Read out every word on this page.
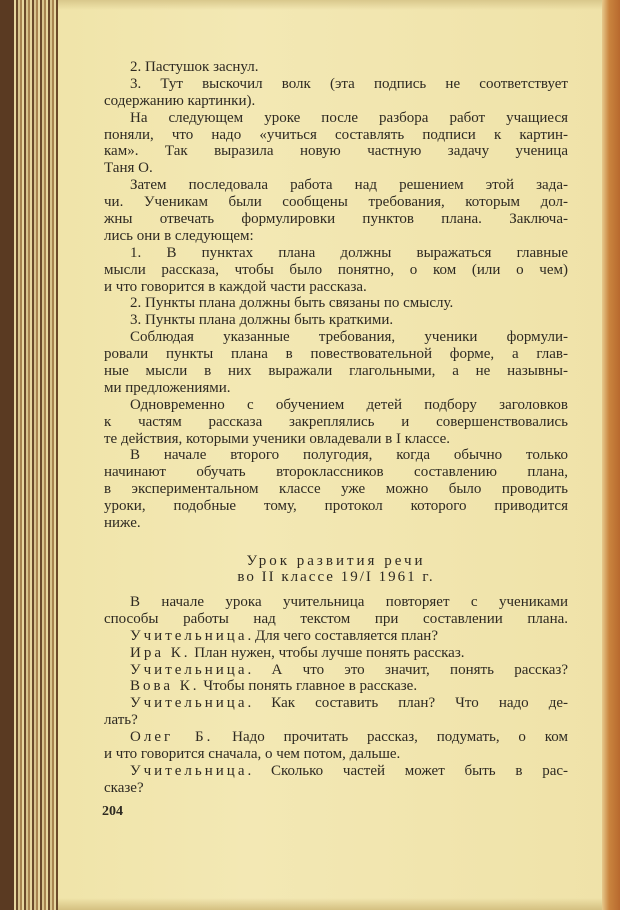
2. Пастушок заснул.
3. Тут выскочил волк (эта подпись не соответствует
содержанию картинки).
На следующем уроке после разбора работ учащиеся
поняли, что надо «учиться составлять подписи к картин-
кам». Так выразила новую частную задачу ученица
Таня О.
Затем последовала работа над решением этой зада-
чи. Ученикам были сообщены требования, которым дол-
жны отвечать формулировки пунктов плана. Заключа-
лись они в следующем:
1. В пунктах плана должны выражаться главные
мысли рассказа, чтобы было понятно, о ком (или о чем)
и что говорится в каждой части рассказа.
2. Пункты плана должны быть связаны по смыслу.
3. Пункты плана должны быть краткими.
Соблюдая указанные требования, ученики формули-
ровали пункты плана в повествовательной форме, а глав-
ные мысли в них выражали глагольными, а не назывны-
ми предложениями.
Одновременно с обучением детей подбору заголовков
к частям рассказа закреплялись и совершенствовались
те действия, которыми ученики овладевали в I классе.
В начале второго полугодия, когда обычно только
начинают обучать второклассников составлению плана,
в экспериментальном классе уже можно было проводить
уроки, подобные тому, протокол которого приводится
ниже.
Урок развития речи
во II классе 19/I 1961 г.
В начале урока учительница повторяет с учениками
способы работы над текстом при составлении плана.
Учительница. Для чего составляется план?
Ира К. План нужен, чтобы лучше понять рассказ.
Учительница. А что это значит, понять рассказ?
Вова К. Чтобы понять главное в рассказе.
Учительница. Как составить план? Что надо де-
лать?
Олег Б. Надо прочитать рассказ, подумать, о ком
и что говорится сначала, о чем потом, дальше.
Учительница. Сколько частей может быть в рас-
сказе?
204
